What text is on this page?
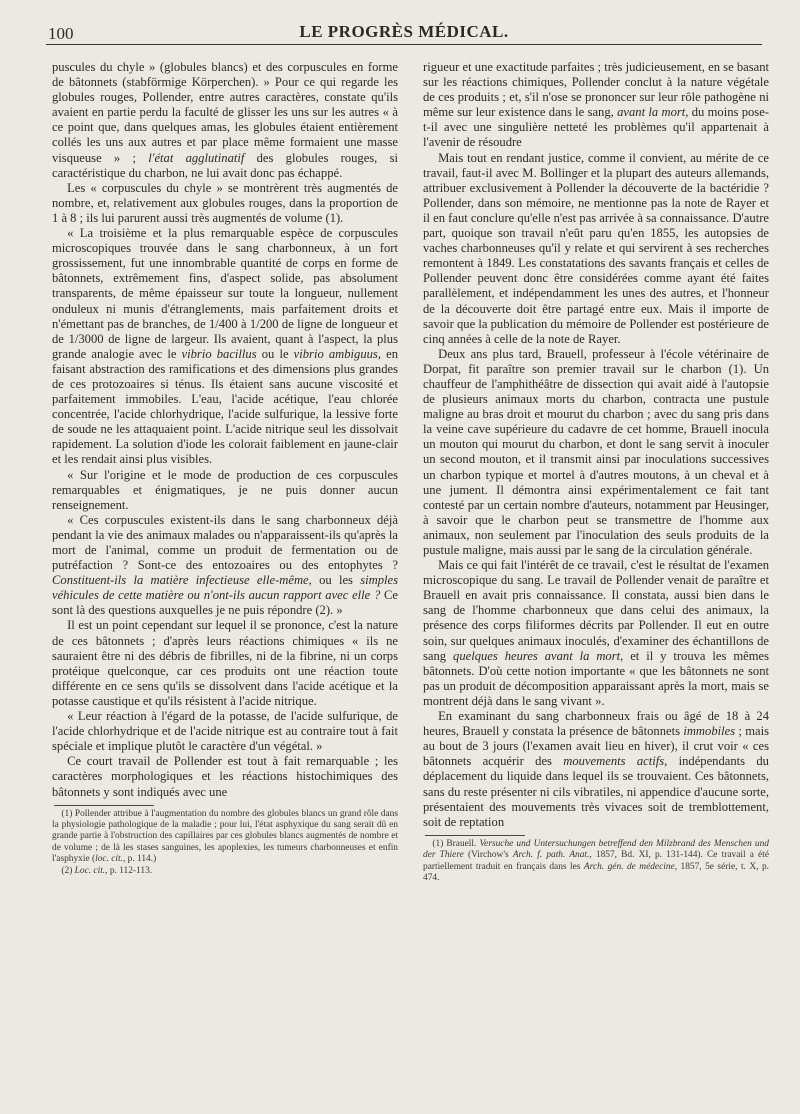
100	LE PROGRÈS MÉDICAL.

puscules du chyle » (globules blancs) et des corpuscules en forme de bâtonnets (stabförmige Körperchen). » Pour ce qui regarde les globules rouges, Pollender, entre autres caractères, constate qu'ils avaient en partie perdu la faculté de glisser les uns sur les autres « à ce point que, dans quelques amas, les globules étaient entièrement collés les uns aux autres et par place même formaient une masse visqueuse » ; l'état agglutinatif des globules rouges, si caractéristique du charbon, ne lui avait donc pas échappé.

Les « corpuscules du chyle » se montrèrent très augmentés de nombre, et, relativement aux globules rouges, dans la proportion de 1 à 8 ; ils lui parurent aussi très augmentés de volume (1).

« La troisième et la plus remarquable espèce de corpuscules microscopiques trouvée dans le sang charbonneux, à un fort grossissement, fut une innombrable quantité de corps en forme de bâtonnets, extrêmement fins, d'aspect solide, pas absolument transparents, de même épaisseur sur toute la longueur, nullement onduleux ni munis d'étranglements, mais parfaitement droits et n'émettant pas de branches, de 1/400 à 1/200 de ligne de longueur et de 1/3000 de ligne de largeur. Ils avaient, quant à l'aspect, la plus grande analogie avec le vibrio bacillus ou le vibrio ambiguus, en faisant abstraction des ramifications et des dimensions plus grandes de ces protozoaires si ténus. Ils étaient sans aucune viscosité et parfaitement immobiles. L'eau, l'acide acétique, l'eau chlorée concentrée, l'acide chlorhydrique, l'acide sulfurique, la lessive forte de soude ne les attaquaient point. L'acide nitrique seul les dissolvait rapidement. La solution d'iode les colorait faiblement en jaune-clair et les rendait ainsi plus visibles.

« Sur l'origine et le mode de production de ces corpuscules remarquables et énigmatiques, je ne puis donner aucun renseignement.

« Ces corpuscules existent-ils dans le sang charbonneux déjà pendant la vie des animaux malades ou n'apparaissent-ils qu'après la mort de l'animal, comme un produit de fermentation ou de putréfaction ? Sont-ce des entozoaires ou des entophytes ? Constituent-ils la matière infectieuse elle-même, ou les simples véhicules de cette matière ou n'ont-ils aucun rapport avec elle ? Ce sont là des questions auxquelles je ne puis répondre (2). »

Il est un point cependant sur lequel il se prononce, c'est la nature de ces bâtonnets ; d'après leurs réactions chimiques « ils ne sauraient être ni des débris de fibrilles, ni de la fibrine, ni un corps protéique quelconque, car ces produits ont une réaction toute différente en ce sens qu'ils se dissolvent dans l'acide acétique et la potasse caustique et qu'ils résistent à l'acide nitrique.

« Leur réaction à l'égard de la potasse, de l'acide sulfurique, de l'acide chlorhydrique et de l'acide nitrique est au contraire tout à fait spéciale et implique plutôt le caractère d'un végétal. »

Ce court travail de Pollender est tout à fait remarquable ; les caractères morphologiques et les réactions histochimiques des bâtonnets y sont indiqués avec une

(1) Pollender attribue à l'augmentation du nombre des globules blancs un grand rôle dans la physiologie pathologique de la maladie ; pour lui, l'état asphyxique du sang serait dû en grande partie à l'obstruction des capillaires par ces globules blancs augmentés de nombre et de volume ; de là les stases sanguines, les apoplexies, les tumeurs charbonneuses et enfin l'asphyxie (loc. cit., p. 114.)

(2) Loc. cit., p. 112-113.

rigueur et une exactitude parfaites ; très judicieusement, en se basant sur les réactions chimiques, Pollender conclut à la nature végétale de ces produits ; et, s'il n'ose se prononcer sur leur rôle pathogène ni même sur leur existence dans le sang, avant la mort, du moins pose-t-il avec une singulière netteté les problèmes qu'il appartenait à l'avenir de résoudre

Mais tout en rendant justice, comme il convient, au mérite de ce travail, faut-il avec M. Bollinger et la plupart des auteurs allemands, attribuer exclusivement à Pollender la découverte de la bactéridie ? Pollender, dans son mémoire, ne mentionne pas la note de Rayer et il en faut conclure qu'elle n'est pas arrivée à sa connaissance. D'autre part, quoique son travail n'eût paru qu'en 1855, les autopsies de vaches charbonneuses qu'il y relate et qui servirent à ses recherches remontent à 1849. Les constatations des savants français et celles de Pollender peuvent donc être considérées comme ayant été faites parallèlement, et indépendamment les unes des autres, et l'honneur de la découverte doit être partagé entre eux. Mais il importe de savoir que la publication du mémoire de Pollender est postérieure de cinq années à celle de la note de Rayer.

Deux ans plus tard, Brauell, professeur à l'école vétérinaire de Dorpat, fit paraître son premier travail sur le charbon (1). Un chauffeur de l'amphithéâtre de dissection qui avait aidé à l'autopsie de plusieurs animaux morts du charbon, contracta une pustule maligne au bras droit et mourut du charbon ; avec du sang pris dans la veine cave supérieure du cadavre de cet homme, Brauell inocula un mouton qui mourut du charbon, et dont le sang servit à inoculer un second mouton, et il transmit ainsi par inoculations successives un charbon typique et mortel à d'autres moutons, à un cheval et à une jument. Il démontra ainsi expérimentalement ce fait tant contesté par un certain nombre d'auteurs, notamment par Heusinger, à savoir que le charbon peut se transmettre de l'homme aux animaux, non seulement par l'inoculation des seuls produits de la pustule maligne, mais aussi par le sang de la circulation générale.

Mais ce qui fait l'intérêt de ce travail, c'est le résultat de l'examen microscopique du sang. Le travail de Pollender venait de paraître et Brauell en avait pris connaissance. Il constata, aussi bien dans le sang de l'homme charbonneux que dans celui des animaux, la présence des corps filiformes décrits par Pollender. Il eut en outre soin, sur quelques animaux inoculés, d'examiner des échantillons de sang quelques heures avant la mort, et il y trouva les mêmes bâtonnets. D'où cette notion importante « que les bâtonnets ne sont pas un produit de décomposition apparaissant après la mort, mais se montrent déjà dans le sang vivant ».

En examinant du sang charbonneux frais ou âgé de 18 à 24 heures, Brauell y constata la présence de bâtonnets immobiles ; mais au bout de 3 jours (l'examen avait lieu en hiver), il crut voir « ces bâtonnets acquérir des mouvements actifs, indépendants du déplacement du liquide dans lequel ils se trouvaient. Ces bâtonnets, sans du reste présenter ni cils vibratiles, ni appendice d'aucune sorte, présentaient des mouvements très vivaces soit de tremblottement, soit de reptation

(1) Brauell. Versuche und Untersuchungen betreffend den Milzbrand des Menschen und der Thiere (Virchow's Arch. f. path. Anat., 1857, Bd. XI, p. 131-144). Ce travail a été partiellement traduit en français dans les Arch. gén. de médecine, 1857, 5e série, t. X, p. 474.
